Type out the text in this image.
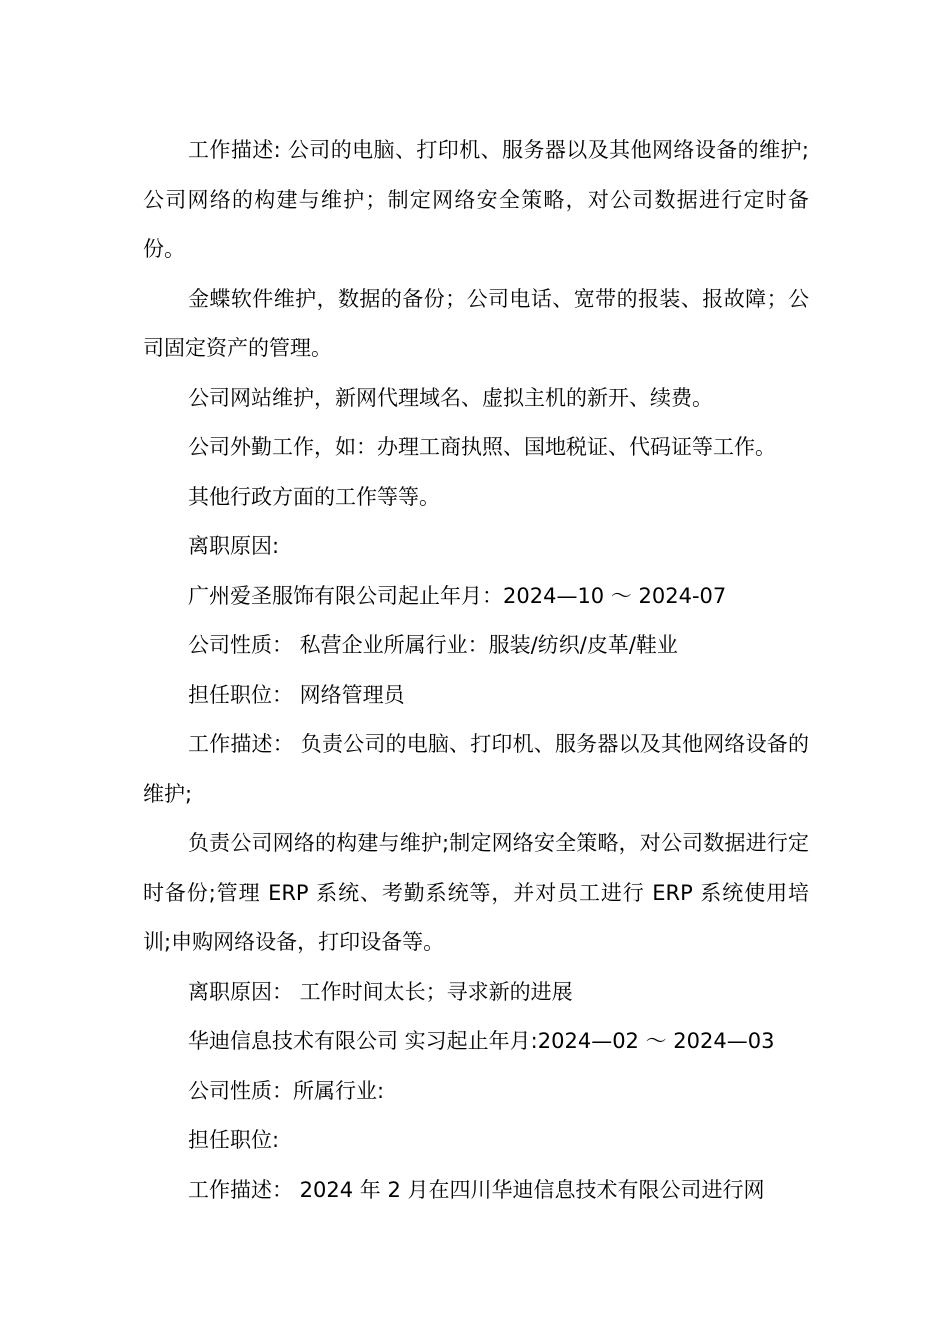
工作描述: 公司的电脑、打印机、服务器以及其他网络设备的维护;公司网络的构建与维护；制定网络安全策略，对公司数据进行定时备份。

金蝶软件维护，数据的备份；公司电话、宽带的报装、报故障；公司固定资产的管理。

公司网站维护，新网代理域名、虚拟主机的新开、续费。

公司外勤工作，如：办理工商执照、国地税证、代码证等工作。

其他行政方面的工作等等。

离职原因:

广州爱圣服饰有限公司起止年月：2024—10 ～ 2024-07

公司性质： 私营企业所属行业：服装/纺织/皮革/鞋业

担任职位： 网络管理员

工作描述： 负责公司的电脑、打印机、服务器以及其他网络设备的维护;

负责公司网络的构建与维护;制定网络安全策略，对公司数据进行定时备份;管理 ERP 系统、考勤系统等，并对员工进行 ERP 系统使用培训;申购网络设备，打印设备等。

离职原因： 工作时间太长；寻求新的进展

华迪信息技术有限公司 实习起止年月:2024—02 ～ 2024—03

公司性质：所属行业:

担任职位:

工作描述： 2024 年 2 月在四川华迪信息技术有限公司进行网
